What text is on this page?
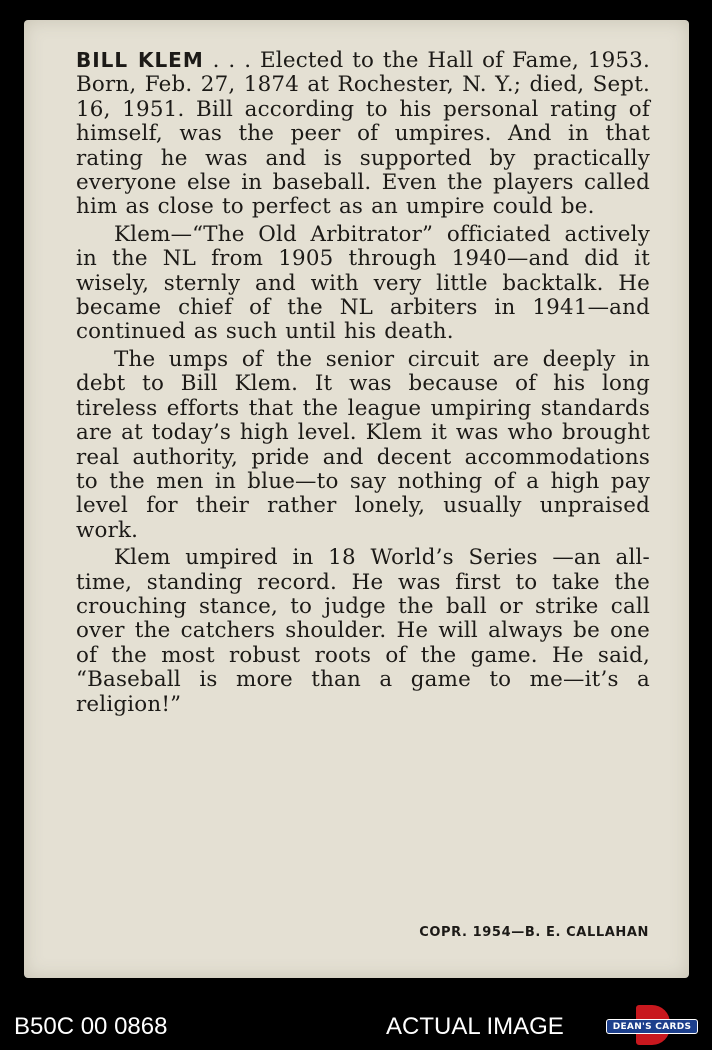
BILL KLEM . . . Elected to the Hall of Fame, 1953. Born, Feb. 27, 1874 at Rochester, N. Y.; died, Sept. 16, 1951. Bill according to his personal rating of himself, was the peer of umpires. And in that rating he was and is supported by practically everyone else in baseball. Even the players called him as close to perfect as an umpire could be.

Klem—“The Old Arbitrator” officiated actively in the NL from 1905 through 1940—and did it wisely, sternly and with very little backtalk. He became chief of the NL arbiters in 1941—and continued as such until his death.

The umps of the senior circuit are deeply in debt to Bill Klem. It was because of his long tireless efforts that the league umpiring standards are at today’s high level. Klem it was who brought real authority, pride and decent accommodations to the men in blue—to say nothing of a high pay level for their rather lonely, usually unpraised work.

Klem umpired in 18 World’s Series —an all-time, standing record. He was first to take the crouching stance, to judge the ball or strike call over the catchers shoulder. He will always be one of the most robust roots of the game. He said, “Baseball is more than a game to me—it’s a religion!”

COPR. 1954—B. E. CALLAHAN
B50C 00 0868	ACTUAL IMAGE	DEAN'S CARDS
